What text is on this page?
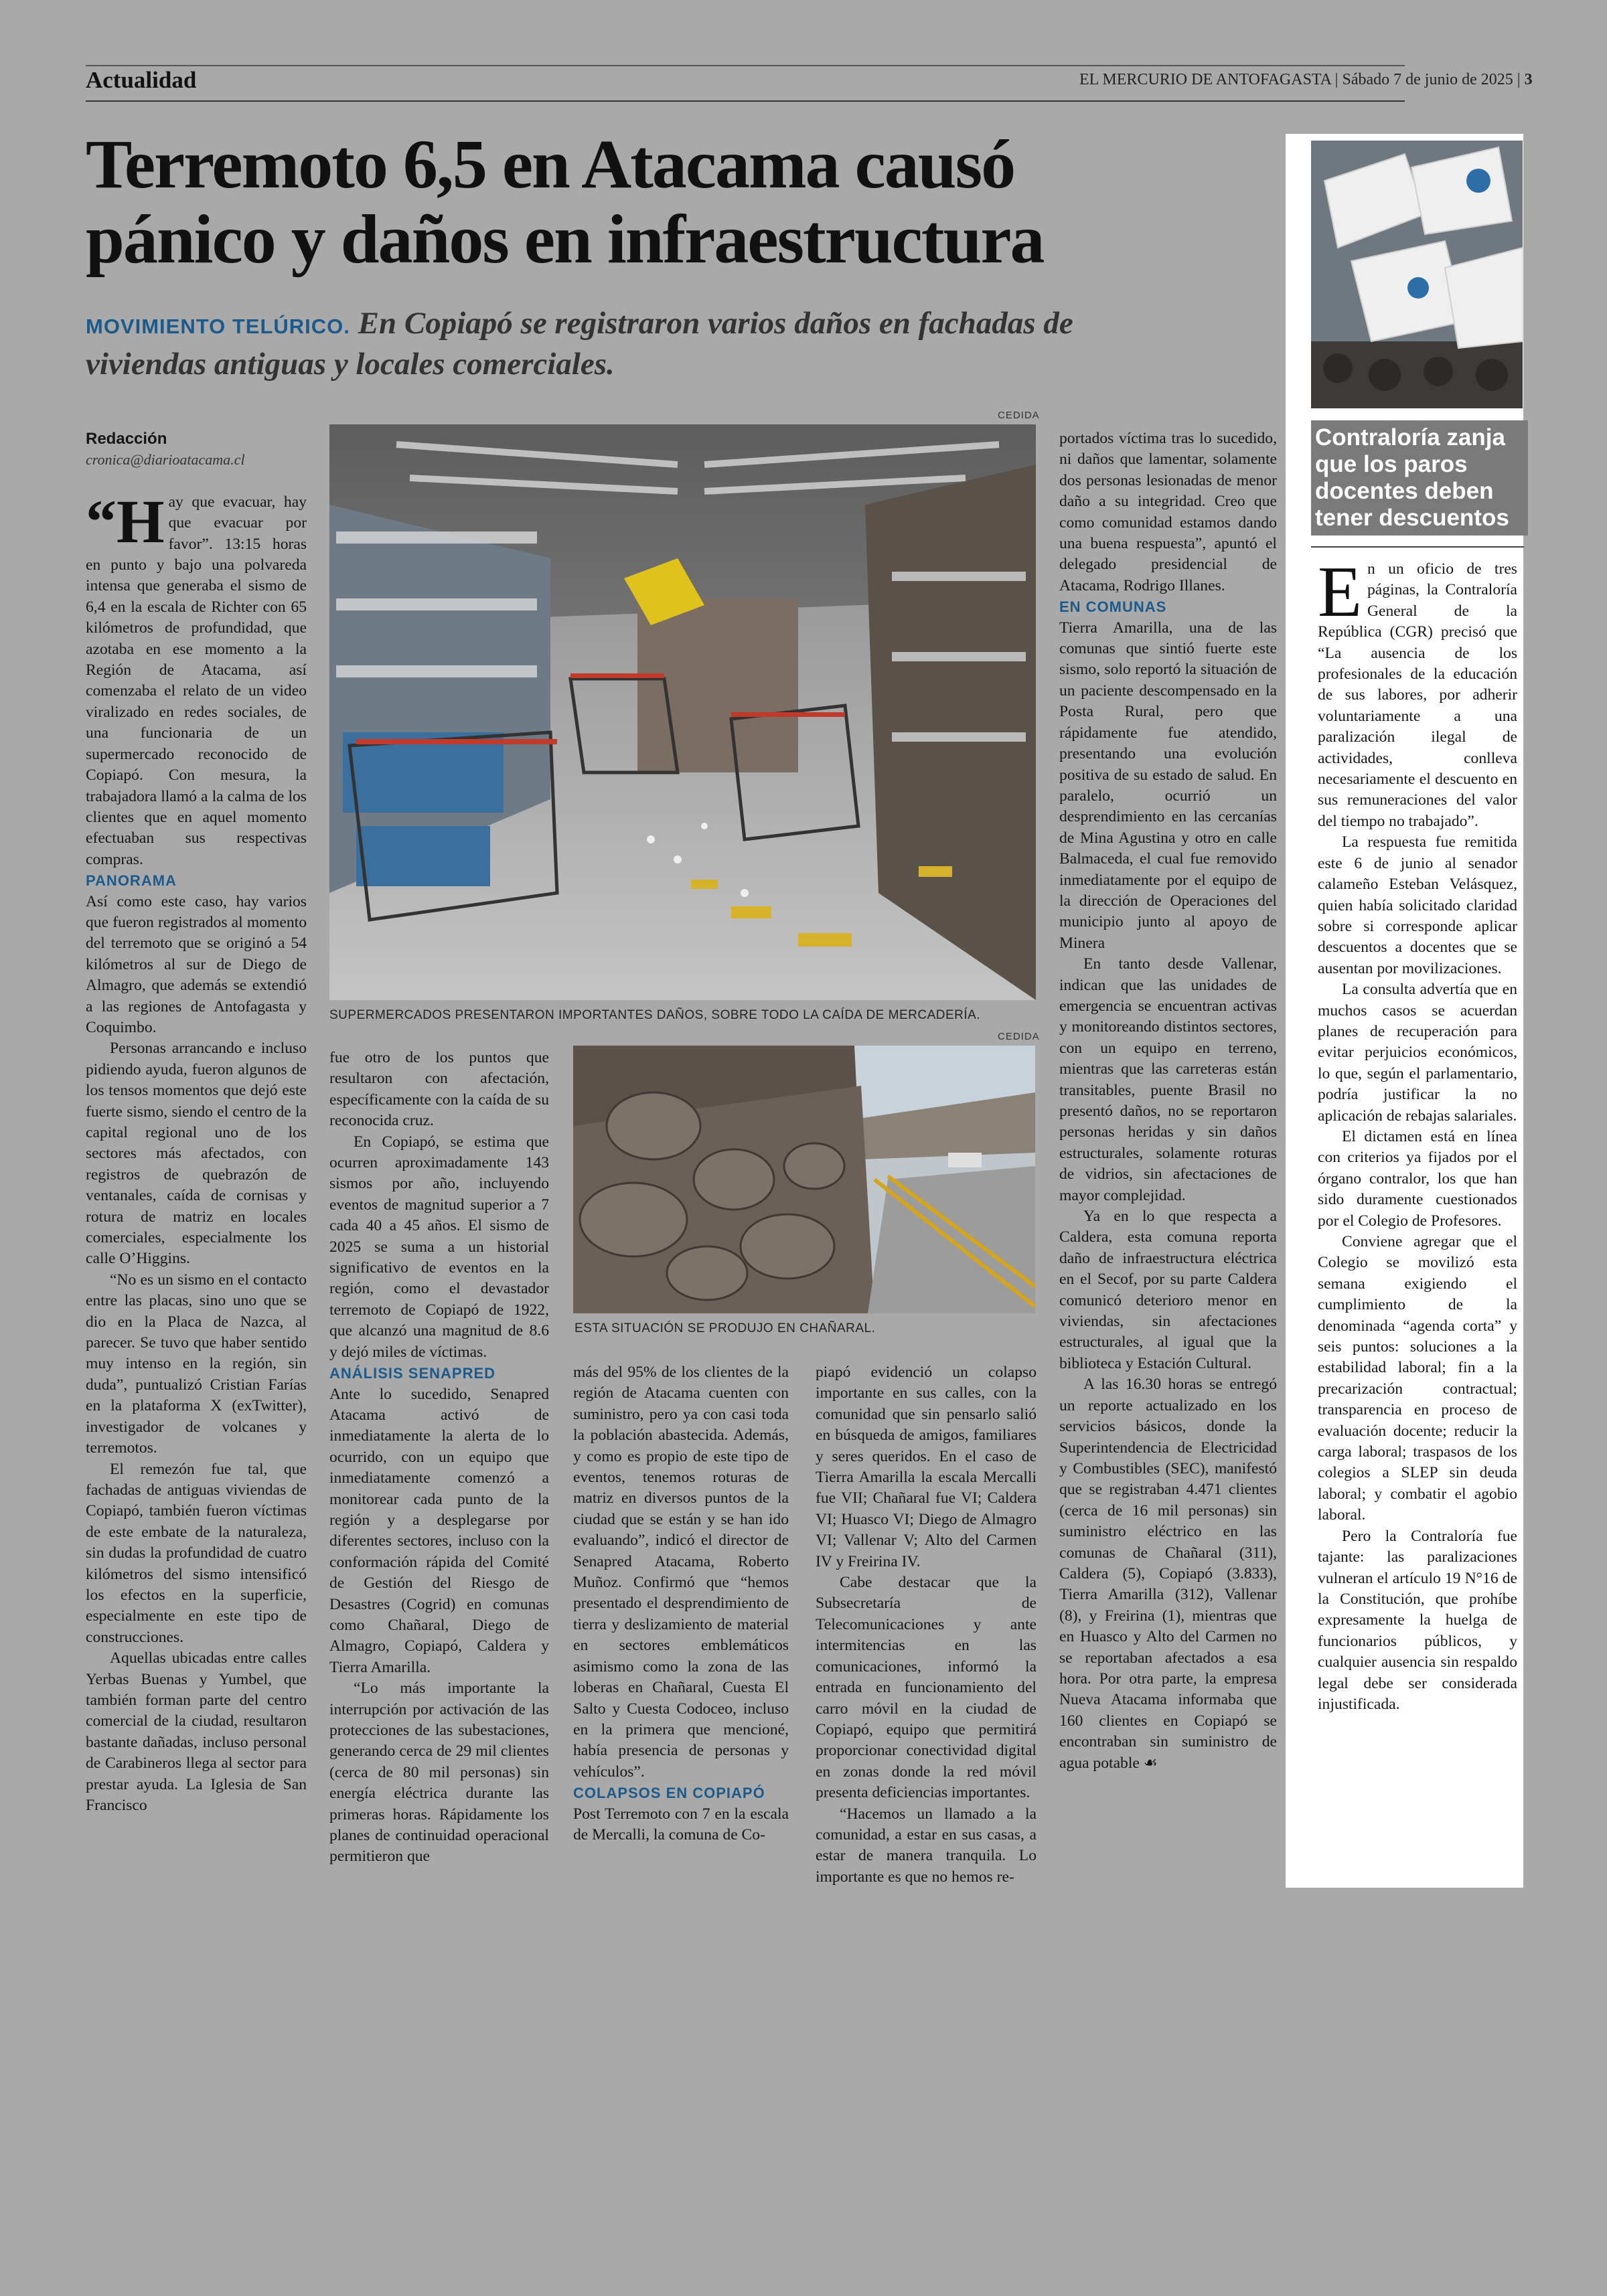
Actualidad	EL MERCURIO DE ANTOFAGASTA | Sábado 7 de junio de 2025 | 3
Terremoto 6,5 en Atacama causó
pánico y daños en infraestructura
MOVIMIENTO TELÚRICO. En Copiapó se registraron varios daños en fachadas de viviendas antiguas y locales comerciales.
Redacción
cronica@diarioatacama.cl

“H ay que evacuar, hay que evacuar por favor”. 13:15 horas en punto y bajo una polvareda intensa que generaba el sismo de 6,4 en la escala de Richter con 65 kilómetros de profundidad, que azotaba en ese momento a la Región de Atacama, así comenzaba el relato de un video viralizado en redes sociales, de una funcionaria de un supermercado reconocido de Copiapó. Con mesura, la trabajadora llamó a la calma de los clientes que en aquel momento efectuaban sus respectivas compras.

PANORAMA

Así como este caso, hay varios que fueron registrados al momento del terremoto que se originó a 54 kilómetros al sur de Diego de Almagro, que además se extendió a las regiones de Antofagasta y Coquimbo.

Personas arrancando e incluso pidiendo ayuda, fueron algunos de los tensos momentos que dejó este fuerte sismo, siendo el centro de la capital regional uno de los sectores más afectados, con registros de quebrazón de ventanales, caída de cornisas y rotura de matriz en locales comerciales, especialmente los calle O’Higgins.

“No es un sismo en el contacto entre las placas, sino uno que se dio en la Placa de Nazca, al parecer. Se tuvo que haber sentido muy intenso en la región, sin duda”, puntualizó Cristian Farías en la plataforma X (exTwitter), investigador de volcanes y terremotos.

El remezón fue tal, que fachadas de antiguas viviendas de Copiapó, también fueron víctimas de este embate de la naturaleza, sin dudas la profundidad de cuatro kilómetros del sismo intensificó los efectos en la superficie, especialmente en este tipo de construcciones.

Aquellas ubicadas entre calles Yerbas Buenas y Yumbel, que también forman parte del centro comercial de la ciudad, resultaron bastante dañadas, incluso personal de Carabineros llega al sector para prestar ayuda. La Iglesia de San Francisco

CEDIDA
SUPERMERCADOS PRESENTARON IMPORTANTES DAÑOS, SOBRE TODO LA CAÍDA DE MERCADERÍA.
CEDIDA
ESTA SITUACIÓN SE PRODUJO EN CHAÑARAL.

fue otro de los puntos que resultaron con afectación, específicamente con la caída de su reconocida cruz.

En Copiapó, se estima que ocurren aproximadamente 143 sismos por año, incluyendo eventos de magnitud superior a 7 cada 40 a 45 años. El sismo de 2025 se suma a un historial significativo de eventos en la región, como el devastador terremoto de Copiapó de 1922, que alcanzó una magnitud de 8.6 y dejó miles de víctimas.

ANÁLISIS SENAPRED

Ante lo sucedido, Senapred Atacama activó de inmediatamente la alerta de lo ocurrido, con un equipo que inmediatamente comenzó a monitorear cada punto de la región y a desplegarse por diferentes sectores, incluso con la conformación rápida del Comité de Gestión del Riesgo de Desastres (Cogrid) en comunas como Chañaral, Diego de Almagro, Copiapó, Caldera y Tierra Amarilla.

“Lo más importante la interrupción por activación de las protecciones de las subestaciones, generando cerca de 29 mil clientes (cerca de 80 mil personas) sin energía eléctrica durante las primeras horas. Rápidamente los planes de continuidad operacional permitieron que

más del 95% de los clientes de la región de Atacama cuenten con suministro, pero ya con casi toda la población abastecida. Además, y como es propio de este tipo de eventos, tenemos roturas de matriz en diversos puntos de la ciudad que se están y se han ido evaluando”, indicó el director de Senapred Atacama, Roberto Muñoz. Confirmó que “hemos presentado el desprendimiento de tierra y deslizamiento de material en sectores emblemáticos asimismo como la zona de las loberas en Chañaral, Cuesta El Salto y Cuesta Codoceo, incluso en la primera que mencioné, había presencia de personas y vehículos”.

COLAPSOS EN COPIAPÓ

Post Terremoto con 7 en la escala de Mercalli, la comuna de Co-

piapó evidenció un colapso importante en sus calles, con la comunidad que sin pensarlo salió en búsqueda de amigos, familiares y seres queridos. En el caso de Tierra Amarilla la escala Mercalli fue VII; Chañaral fue VI; Caldera VI; Huasco VI; Diego de Almagro VI; Vallenar V; Alto del Carmen IV y Freirina IV.

Cabe destacar que la Subsecretaría de Telecomunicaciones y ante intermitencias en las comunicaciones, informó la entrada en funcionamiento del carro móvil en la ciudad de Copiapó, equipo que permitirá proporcionar conectividad digital en zonas donde la red móvil presenta deficiencias importantes.

“Hacemos un llamado a la comunidad, a estar en sus casas, a estar de manera tranquila. Lo importante es que no hemos re-

portados víctima tras lo sucedido, ni daños que lamentar, solamente dos personas lesionadas de menor daño a su integridad. Creo que como comunidad estamos dando una buena respuesta”, apuntó el delegado presidencial de Atacama, Rodrigo Illanes.

EN COMUNAS

Tierra Amarilla, una de las comunas que sintió fuerte este sismo, solo reportó la situación de un paciente descompensado en la Posta Rural, pero que rápidamente fue atendido, presentando una evolución positiva de su estado de salud. En paralelo, ocurrió un desprendimiento en las cercanías de Mina Agustina y otro en calle Balmaceda, el cual fue removido inmediatamente por el equipo de la dirección de Operaciones del municipio junto al apoyo de Minera

En tanto desde Vallenar, indican que las unidades de emergencia se encuentran activas y monitoreando distintos sectores, con un equipo en terreno, mientras que las carreteras están transitables, puente Brasil no presentó daños, no se reportaron personas heridas y sin daños estructurales, solamente roturas de vidrios, sin afectaciones de mayor complejidad.

Ya en lo que respecta a Caldera, esta comuna reporta daño de infraestructura eléctrica en el Secof, por su parte Caldera comunicó deterioro menor en viviendas, sin afectaciones estructurales, al igual que la biblioteca y Estación Cultural.

A las 16.30 horas se entregó un reporte actualizado en los servicios básicos, donde la Superintendencia de Electricidad y Combustibles (SEC), manifestó que se registraban 4.471 clientes (cerca de 16 mil personas) sin suministro eléctrico en las comunas de Chañaral (311), Caldera (5), Copiapó (3.833), Tierra Amarilla (312), Vallenar (8), y Freirina (1), mientras que en Huasco y Alto del Carmen no se reportaban afectados a esa hora. Por otra parte, la empresa Nueva Atacama informaba que 160 clientes en Copiapó se encontraban sin suministro de agua potable ☙

Contraloría zanja que los paros docentes deben tener descuentos

En un oficio de tres páginas, la Contraloría General de la República (CGR) precisó que “La ausencia de los profesionales de la educación de sus labores, por adherir voluntariamente a una paralización ilegal de actividades, conlleva necesariamente el descuento en sus remuneraciones del valor del tiempo no trabajado”.

La respuesta fue remitida este 6 de junio al senador calameño Esteban Velásquez, quien había solicitado claridad sobre si corresponde aplicar descuentos a docentes que se ausentan por movilizaciones.

La consulta advertía que en muchos casos se acuerdan planes de recuperación para evitar perjuicios económicos, lo que, según el parlamentario, podría justificar la no aplicación de rebajas salariales.

El dictamen está en línea con criterios ya fijados por el órgano contralor, los que han sido duramente cuestionados por el Colegio de Profesores.

Conviene agregar que el Colegio se movilizó esta semana exigiendo el cumplimiento de la denominada “agenda corta” y seis puntos: soluciones a la estabilidad laboral; fin a la precarización contractual; transparencia en proceso de evaluación docente; reducir la carga laboral; traspasos de los colegios a SLEP sin deuda laboral; y combatir el agobio laboral.

Pero la Contraloría fue tajante: las paralizaciones vulneran el artículo 19 N°16 de la Constitución, que prohíbe expresamente la huelga de funcionarios públicos, y cualquier ausencia sin respaldo legal debe ser considerada injustificada.
